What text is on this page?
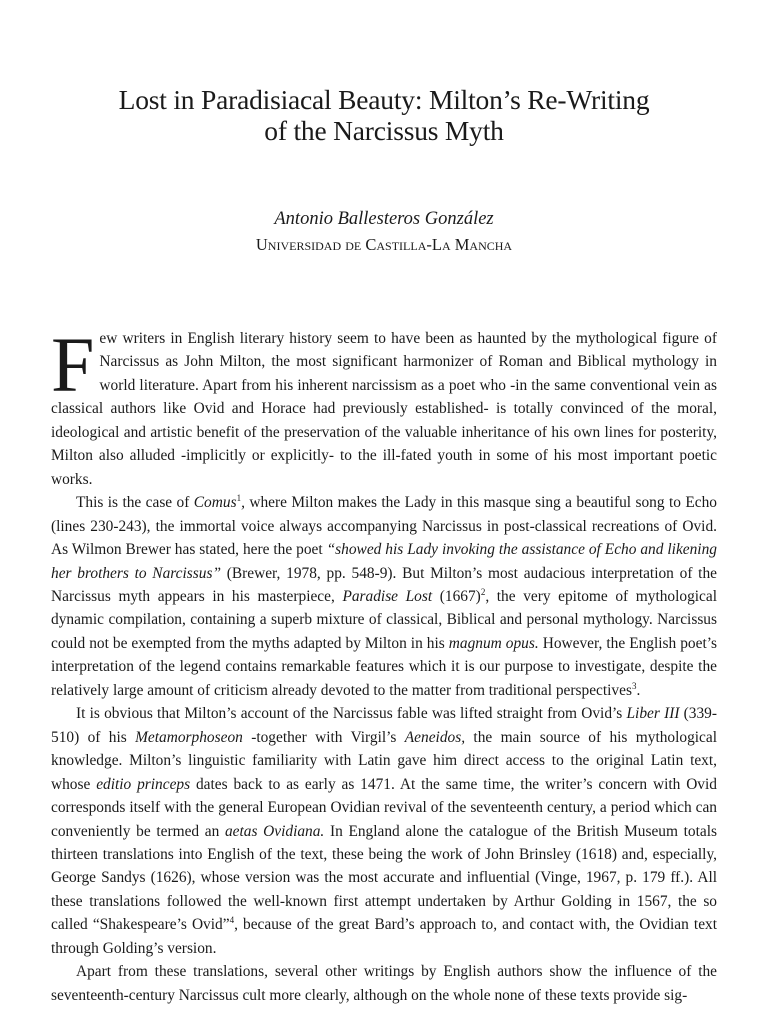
Lost in Paradisiacal Beauty: Milton’s Re-Writing
of the Narcissus Myth
Antonio Ballesteros González
Universidad de Castilla-La Mancha

Few writers in English literary history seem to have been as haunted by the mythological figure of Narcissus as John Milton, the most significant harmonizer of Roman and Biblical mythology in world literature. Apart from his inherent narcissism as a poet who -in the same conventional vein as classical authors like Ovid and Horace had previously established- is totally convinced of the moral, ideological and artistic benefit of the preservation of the valuable inheritance of his own lines for posterity, Milton also alluded -implicitly or explicitly- to the ill-fated youth in some of his most important poetic works.

This is the case of Comus$^1$, where Milton makes the Lady in this masque sing a beautiful song to Echo (lines 230-243), the immortal voice always accompanying Narcissus in post-classical recreations of Ovid. As Wilmon Brewer has stated, here the poet “showed his Lady invoking the assistance of Echo and likening her brothers to Narcissus” (Brewer, 1978, pp. 548-9). But Milton’s most audacious interpretation of the Narcissus myth appears in his masterpiece, Paradise Lost $(1667)^2$, the very epitome of mythological dynamic compilation, containing a superb mixture of classical, Biblical and personal mythology. Narcissus could not be exempted from the myths adapted by Milton in his magnum opus. However, the English poet’s interpretation of the legend contains remarkable features which it is our purpose to investigate, despite the relatively large amount of criticism already devoted to the matter from traditional perspectives$^3$.

It is obvious that Milton’s account of the Narcissus fable was lifted straight from Ovid’s Liber III (339-510) of his Metamorphoseon -together with Virgil’s Aeneidos, the main source of his mythological knowledge. Milton’s linguistic familiarity with Latin gave him direct access to the original Latin text, whose editio princeps dates back to as early as 1471. At the same time, the writer’s concern with Ovid corresponds itself with the general European Ovidian revival of the seventeenth century, a period which can conveniently be termed an aetas Ovidiana. In England alone the catalogue of the British Museum totals thirteen translations into English of the text, these being the work of John Brinsley (1618) and, especially, George Sandys (1626), whose version was the most accurate and influential (Vinge, 1967, p. 179 ff.). All these translations followed the well-known first attempt undertaken by Arthur Golding in 1567, the so called “Shakespeare’s Ovid”$^4$, because of the great Bard’s approach to, and contact with, the Ovidian text through Golding’s version.

Apart from these translations, several other writings by English authors show the influence of the seventeenth-century Narcissus cult more clearly, although on the whole none of these texts provide sig-
